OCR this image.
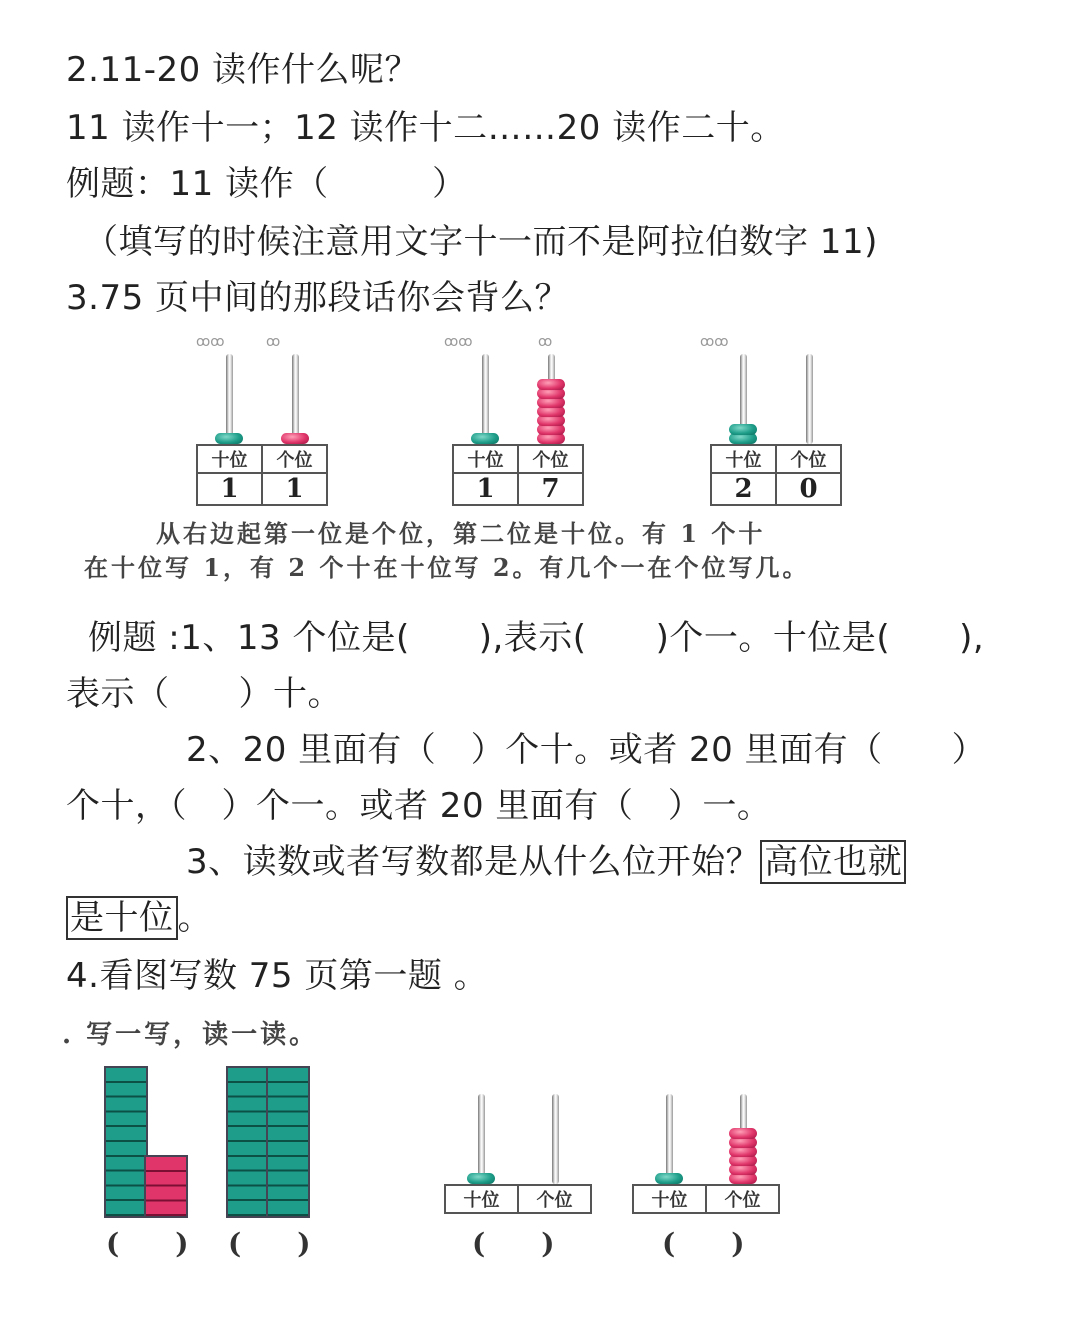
2.11-20 读作什么呢？
11 读作十一；12 读作十二……20 读作二十。
例题：11 读作（　　　）
（填写的时候注意用文字十一而不是阿拉伯数字 11)
3.75 页中间的那段话你会背么？
ꝏꝏ	ꝏ	ꝏꝏ	ꝏ	ꝏꝏ
十位	个位
1	1
十位	个位
1	7
十位	个位
2	0
从右边起第一位是个位，第二位是十位。有 1 个十
在十位写 1，有 2 个十在十位写 2。有几个一在个位写几。
例题 :1、13 个位是(　　),表示(　　)个一。十位是(　　),
表示（　　）十。
2、20 里面有（　）个十。或者 20 里面有（　　）
个十，（　）个一。或者 20 里面有（　）一。
3、读数或者写数都是从什么位开始？ 高位也就
是十位 。
4.看图写数 75 页第一题 。
. 写一写，读一读。
十位	个位	十位	个位
(　　) (　　)	(　　)	(　　)
